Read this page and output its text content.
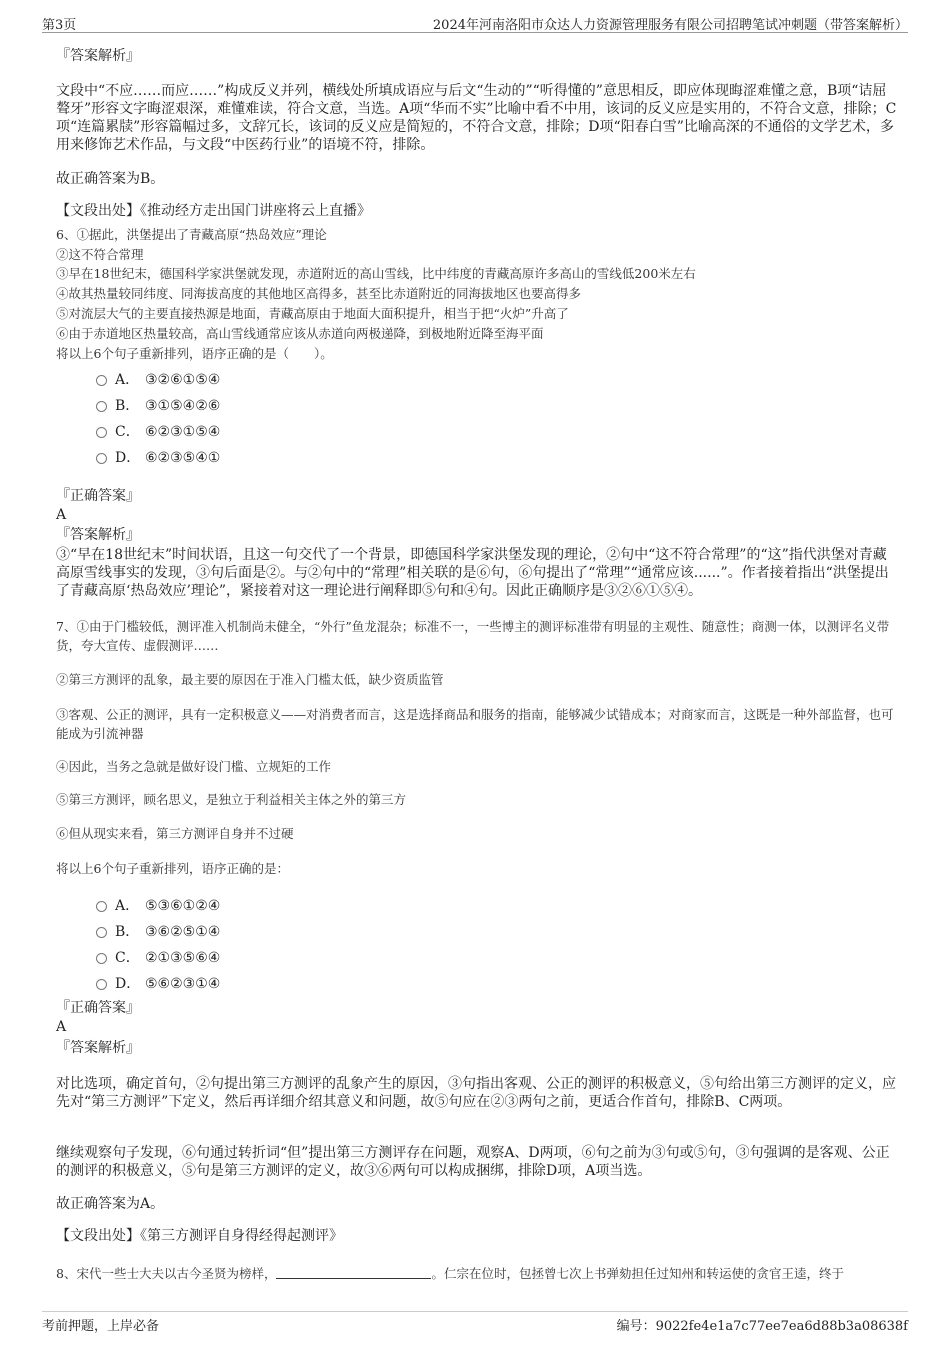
第3页	2024年河南洛阳市众达人力资源管理服务有限公司招聘笔试冲刺题（带答案解析）
『答案解析』
文段中“不应……而应……”构成反义并列，横线处所填成语应与后文“生动的”“听得懂的”意思相反，即应体现晦涩难懂之意，B项“诘屈聱牙”形容文字晦涩艰深，难懂难读，符合文意，当选。A项“华而不实”比喻中看不中用，该词的反义应是实用的，不符合文意，排除；C项“连篇累牍”形容篇幅过多，文辞冗长，该词的反义应是简短的，不符合文意，排除；D项“阳春白雪”比喻高深的不通俗的文学艺术，多用来修饰艺术作品，与文段“中医药行业”的语境不符，排除。
故正确答案为B。
【文段出处】《推动经方走出国门讲座将云上直播》
6、①据此，洪堡提出了青藏高原“热岛效应”理论
②这不符合常理
③早在18世纪末，德国科学家洪堡就发现，赤道附近的高山雪线，比中纬度的青藏高原许多高山的雪线低200米左右
④故其热量较同纬度、同海拔高度的其他地区高得多，甚至比赤道附近的同海拔地区也要高得多
⑤对流层大气的主要直接热源是地面，青藏高原由于地面大面积提升，相当于把“火炉”升高了
⑥由于赤道地区热量较高，高山雪线通常应该从赤道向两极递降，到极地附近降至海平面
将以上6个句子重新排列，语序正确的是（　　）。
A． ③②⑥①⑤④
B． ③①⑤④②⑥
C． ⑥②③①⑤④
D． ⑥②③⑤④①
『正确答案』
A
『答案解析』
③“早在18世纪末”时间状语，且这一句交代了一个背景，即德国科学家洪堡发现的理论，②句中“这不符合常理”的“这”指代洪堡对青藏高原雪线事实的发现，③句后面是②。与②句中的“常理”相关联的是⑥句，⑥句提出了“常理”“通常应该......”。作者接着指出“洪堡提出了青藏高原‘热岛效应’理论”，紧接着对这一理论进行阐释即⑤句和④句。因此正确顺序是③②⑥①⑤④。
7、①由于门槛较低，测评准入机制尚未健全，“外行”鱼龙混杂；标准不一，一些博主的测评标准带有明显的主观性、随意性；商测一体，以测评名义带货，夸大宣传、虚假测评……
②第三方测评的乱象，最主要的原因在于准入门槛太低，缺少资质监管
③客观、公正的测评，具有一定积极意义——对消费者而言，这是选择商品和服务的指南，能够减少试错成本；对商家而言，这既是一种外部监督，也可能成为引流神器
④因此，当务之急就是做好设门槛、立规矩的工作
⑤第三方测评，顾名思义，是独立于利益相关主体之外的第三方
⑥但从现实来看，第三方测评自身并不过硬
将以上6个句子重新排列，语序正确的是：
A． ⑤③⑥①②④
B． ③⑥②⑤①④
C． ②①③⑤⑥④
D． ⑤⑥②③①④
『正确答案』
A
『答案解析』
对比选项，确定首句，②句提出第三方测评的乱象产生的原因，③句指出客观、公正的测评的积极意义，⑤句给出第三方测评的定义，应先对“第三方测评”下定义，然后再详细介绍其意义和问题，故⑤句应在②③两句之前，更适合作首句，排除B、C两项。
继续观察句子发现，⑥句通过转折词“但”提出第三方测评存在问题，观察A、D两项，⑥句之前为③句或⑤句，③句强调的是客观、公正的测评的积极意义，⑤句是第三方测评的定义，故③⑥两句可以构成捆绑，排除D项，A项当选。
故正确答案为A。
【文段出处】《第三方测评自身得经得起测评》
8、宋代一些士大夫以古今圣贤为榜样，	。仁宗在位时，包拯曾七次上书弹劾担任过知州和转运使的贪官王逵，终于
考前押题，上岸必备	编号：9022fe4e1a7c77ee7ea6d88b3a08638f
